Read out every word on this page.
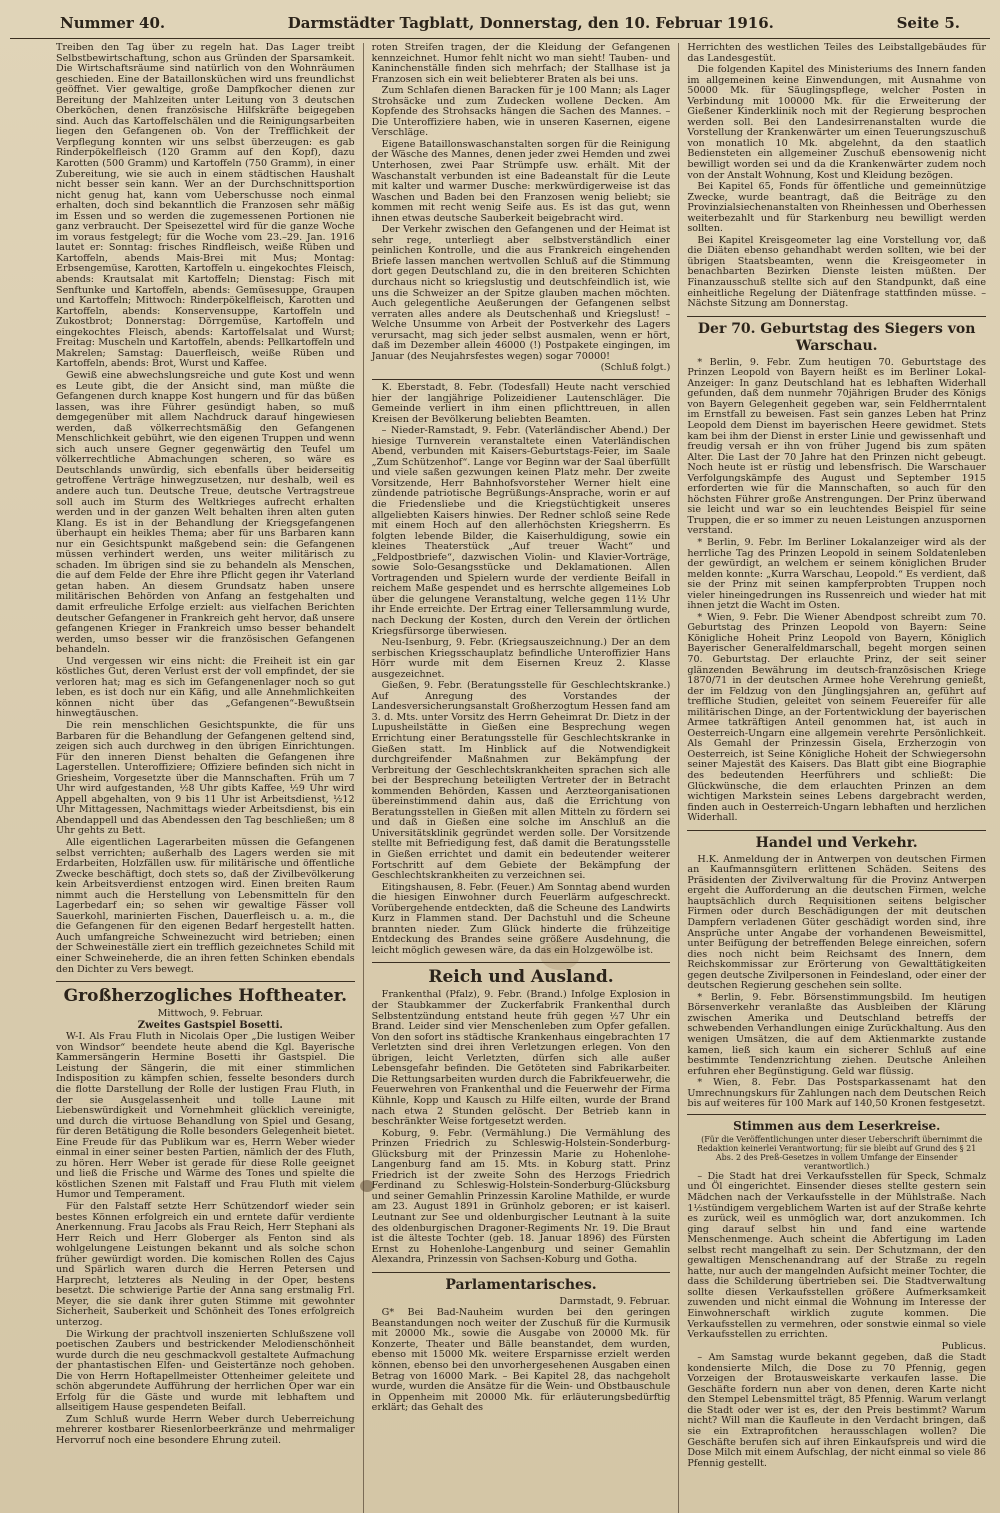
Nummer 40.	Darmstädter Tagblatt, Donnerstag, den 10. Februar 1916.	Seite 5.

Treiben den Tag über zu regeln hat. Das Lager treibt Selbstbewirtschaftung, schon aus Gründen der Sparsamkeit. Die Wirtschaftsräume sind natürlich von den Wohnräumen geschieden. Eine der Bataillonsküchen wird uns freundlichst geöffnet. Vier gewaltige, große Dampfkocher dienen zur Bereitung der Mahlzeiten unter Leitung von 3 deutschen Oberköchen, denen französische Hilfskräfte beigegeben sind. Auch das Kartoffelschälen und die Reinigungsarbeiten liegen den Gefangenen ob. Von der Trefflichkeit der Verpflegung konnten wir uns selbst überzeugen: es gab Rinderpökelfleisch (120 Gramm auf den Kopf), dazu Karotten (500 Gramm) und Kartoffeln (750 Gramm), in einer Zubereitung, wie sie auch in einem städtischen Haushalt nicht besser sein kann. Wer an der Durchschnittsportion nicht genug hat, kann vom Ueberschusse noch einmal erhalten, doch sind bekanntlich die Franzosen sehr mäßig im Essen und so werden die zugemessenen Portionen nie ganz verbraucht. Der Speisezettel wird für die ganze Woche im voraus festgelegt; für die Woche vom 23.–29. Jan. 1916 lautet er: Sonntag: frisches Rindfleisch, weiße Rüben und Kartoffeln, abends Mais-Brei mit Mus; Montag: Erbsengemüse, Karotten, Kartoffeln u. eingekochtes Fleisch, abends: Krautsalat mit Kartoffeln; Dienstag: Fisch mit Senftunke und Kartoffeln, abends: Gemüsesuppe, Graupen und Kartoffeln; Mittwoch: Rinderpökelfleisch, Karotten und Kartoffeln, abends: Konservensuppe, Kartoffeln und Zukostbrot; Donnerstag: Dörrgemüse, Kartoffeln und eingekochtes Fleisch, abends: Kartoffelsalat und Wurst; Freitag: Muscheln und Kartoffeln, abends: Pellkartoffeln und Makrelen; Samstag: Dauerfleisch, weiße Rüben und Kartoffeln, abends: Brot, Wurst und Kaffee.

Gewiß eine abwechslungsreiche und gute Kost und wenn es Leute gibt, die der Ansicht sind, man müßte die Gefangenen durch knappe Kost hungern und für das büßen lassen, was ihre Führer gesündigt haben, so muß demgegenüber mit allem Nachdruck darauf hingewiesen werden, daß völkerrechtsmäßig den Gefangenen Menschlichkeit gebührt, wie den eigenen Truppen und wenn sich auch unsere Gegner gegenwärtig den Teufel um völkerrechtliche Abmachungen scheren, so wäre es Deutschlands unwürdig, sich ebenfalls über beiderseitig getroffene Verträge hinwegzusetzen, nur deshalb, weil es andere auch tun. Deutsche Treue, deutsche Vertragstreue soll auch im Sturm des Weltkrieges aufrecht erhalten werden und in der ganzen Welt behalten ihren alten guten Klang. Es ist in der Behandlung der Kriegsgefangenen überhaupt ein heikles Thema; aber für uns Barbaren kann nur ein Gesichtspunkt maßgebend sein: die Gefangenen müssen verhindert werden, uns weiter militärisch zu schaden. Im übrigen sind sie zu behandeln als Menschen, die auf dem Felde der Ehre ihre Pflicht gegen ihr Vaterland getan haben. An diesem Grundsatz haben unsere militärischen Behörden von Anfang an festgehalten und damit erfreuliche Erfolge erzielt: aus vielfachen Berichten deutscher Gefangener in Frankreich geht hervor, daß unsere gefangenen Krieger in Frankreich umso besser behandelt werden, umso besser wir die französischen Gefangenen behandeln.

Und vergessen wir eins nicht: die Freiheit ist ein gar köstliches Gut, deren Verlust erst der voll empfindet, der sie verloren hat; mag es sich im Gefangenenlager noch so gut leben, es ist doch nur ein Käfig, und alle Annehmlichkeiten können nicht über das „Gefangenen“-Bewußtsein hinwegtäuschen.

Die rein menschlichen Gesichtspunkte, die für uns Barbaren für die Behandlung der Gefangenen geltend sind, zeigen sich auch durchweg in den übrigen Einrichtungen. Für den inneren Dienst behalten die Gefangenen ihre Lagerstellen. Unteroffiziere; Offiziere befinden sich nicht in Griesheim, Vorgesetzte über die Mannschaften. Früh um 7 Uhr wird aufgestanden, ½8 Uhr gibts Kaffee, ½9 Uhr wird Appell abgehalten, von 9 bis 11 Uhr ist Arbeitsdienst, ½12 Uhr Mittagessen, Nachmittags wieder Arbeitsdienst, bis ein Abendappell und das Abendessen den Tag beschließen; um 8 Uhr gehts zu Bett.

Alle eigentlichen Lagerarbeiten müssen die Gefangenen selbst verrichten; außerhalb des Lagers werden sie mit Erdarbeiten, Holzfällen usw. für militärische und öffentliche Zwecke beschäftigt, doch stets so, daß der Zivilbevölkerung kein Arbeitsverdienst entzogen wird. Einen breiten Raum nimmt auch die Herstellung von Lebensmitteln für den Lagerbedarf ein; so sehen wir gewaltige Fässer voll Sauerkohl, marinierten Fischen, Dauerfleisch u. a. m., die die Gefangenen für den eigenen Bedarf hergestellt hatten. Auch umfangreiche Schweinezucht wird betrieben; einen der Schweineställe ziert ein trefflich gezeichnetes Schild mit einer Schweineherde, die an ihren fetten Schinken ebendals den Dichter zu Vers bewegt.

Großherzogliches Hoftheater.

Mittwoch, 9. Februar.

Zweites Gastspiel Bosetti.

W-I. Als Frau Fluth in Nicolais Oper „Die lustigen Weiber von Windsor“ beendete heute abend die Kgl. Bayerische Kammersängerin Hermine Bosetti ihr Gastspiel. Die Leistung der Sängerin, die mit einer stimmlichen Indisposition zu kämpfen schien, fesselte besonders durch die flotte Darstellung der Rolle der lustigen Frau Fluth, in der sie Ausgelassenheit und tolle Laune mit Liebenswürdigkeit und Vornehmheit glücklich vereinigte, und durch die virtuose Behandlung von Spiel und Gesang, für deren Betätigung die Rolle besonders Gelegenheit bietet. Eine Freude für das Publikum war es, Herrn Weber wieder einmal in einer seiner besten Partien, nämlich der des Fluth, zu hören. Herr Weber ist gerade für diese Rolle geeignet und ließ die Frische und Wärme des Tones und spielte die köstlichen Szenen mit Falstaff und Frau Fluth mit vielem Humor und Temperament.

Für den Falstaff setzte Herr Schützendorf wieder sein bestes Können erfolgreich ein und erntete dafür verdiente Anerkennung. Frau Jacobs als Frau Reich, Herr Stephani als Herr Reich und Herr Globerger als Fenton sind als wohlgelungene Leistungen bekannt und als solche schon früher gewürdigt worden. Die komischen Rollen des Cajus und Spärlich waren durch die Herren Petersen und Harprecht, letzteres als Neuling in der Oper, bestens besetzt. Die schwierige Partie der Anna sang erstmalig Frl. Meyer, die sie dank ihrer guten Stimme mit gewohnter Sicherheit, Sauberkeit und Schönheit des Tones erfolgreich unterzog.

Die Wirkung der prachtvoll inszenierten Schlußszene voll poetischen Zaubers und bestrickender Melodienschönheit wurde durch die neu geschmackvoll gestaltete Aufmachung der phantastischen Elfen- und Geistertänze noch gehoben. Die von Herrn Hoftapellmeister Ottenheimer geleitete und schön abgerundete Aufführung der herrlichen Oper war ein Erfolg für die Gäste und wurde mit lebhaftem und allseitigem Hause gespendeten Beifall.

Zum Schluß wurde Herrn Weber durch Ueberreichung mehrerer kostbarer Riesenlorbeerkränze und mehrmaliger Hervorruf noch eine besondere Ehrung zuteil.

roten Streifen tragen, der die Kleidung der Gefangenen kennzeichnet. Humor fehlt nicht wo man sieht! Tauben- und Kaninchenställe finden sich mehrfach; der Stallhase ist ja Franzosen sich ein weit beliebterer Braten als bei uns.

Zum Schlafen dienen Baracken für je 100 Mann; als Lager Strohsäcke und zum Zudecken wollene Decken. Am Kopfende des Strohsacks hängen die Sachen des Mannes. – Die Unteroffiziere haben, wie in unseren Kasernen, eigene Verschläge.

Eigene Bataillonswaschanstalten sorgen für die Reinigung der Wäsche des Mannes, denen jeder zwei Hemden und zwei Unterhosen, zwei Paar Strümpfe usw. erhält. Mit der Waschanstalt verbunden ist eine Badeanstalt für die Leute mit kalter und warmer Dusche: merkwürdigerweise ist das Waschen und Baden bei den Franzosen wenig beliebt; sie kommen mit recht wenig Seife aus. Es ist das gut, wenn ihnen etwas deutsche Sauberkeit beigebracht wird.

Der Verkehr zwischen den Gefangenen und der Heimat ist sehr rege, unterliegt aber selbstverständlich einer peinlichen Kontrolle, und die aus Frankreich eingehenden Briefe lassen manchen wertvollen Schluß auf die Stimmung dort gegen Deutschland zu, die in den breiteren Schichten durchaus nicht so kriegslustig und deutschfeindlich ist, wie uns die Schweizer an der Spitze glauben machen möchten. Auch gelegentliche Aeußerungen der Gefangenen selbst verraten alles andere als Deutschenhaß und Kriegslust! – Welche Unsumme von Arbeit der Postverkehr des Lagers verursacht, mag sich jeder selbst ausmalen, wenn er hört, daß im Dezember allein 46000 (!) Postpakete eingingen, im Januar (des Neujahrsfestes wegen) sogar 70000!

(Schluß folgt.)

K. Eberstadt, 8. Febr. (Todesfall) Heute nacht verschied hier der langjährige Polizeidiener Lautenschläger. Die Gemeinde verliert in ihm einen pflichttreuen, in allen Kreisen der Bevölkerung beliebten Beamten.

– Nieder-Ramstadt, 9. Febr. (Vaterländischer Abend.) Der hiesige Turnverein veranstaltete einen Vaterländischen Abend, verbunden mit Kaisers-Geburtstags-Feier, im Saale „Zum Schützenhof“. Lange vor Beginn war der Saal überfüllt und viele saßen gezwungen keinen Platz mehr. Der zweite Vorsitzende, Herr Bahnhofsvorsteher Werner hielt eine zündende patriotische Begrüßungs-Ansprache, worin er auf die Friedensliebe und die Kriegstüchtigkeit unseres allgeliebten Kaisers hinwies. Der Redner schloß seine Rede mit einem Hoch auf den allerhöchsten Kriegsherrn. Es folgten lebende Bilder, die Kaiserhuldigung, sowie ein kleines Theaterstück „Auf treuer Wacht“ und „Feldpostbriefe“, dazwischen Violin- und Klavier-Vorträge, sowie Solo-Gesangsstücke und Deklamationen. Allen Vortragenden und Spielern wurde der verdiente Beifall in reichem Maße gespendet und es herrschte allgemeines Lob über die gelungene Veranstaltung, welche gegen 11½ Uhr ihr Ende erreichte. Der Ertrag einer Tellersammlung wurde, nach Deckung der Kosten, durch den Verein der örtlichen Kriegsfürsorge überwiesen.

Neu-Isenburg, 9. Febr. (Kriegsauszeichnung.) Der an dem serbischen Kriegsschauplatz befindliche Unteroffizier Hans Hörr wurde mit dem Eisernen Kreuz 2. Klasse ausgezeichnet.

Gießen, 9. Febr. (Beratungsstelle für Geschlechtskranke.) Auf Anregung des Vorstandes der Landesversicherungsanstalt Großherzogtum Hessen fand am 3. d. Mts. unter Vorsitz des Herrn Geheimrat Dr. Dietz in der Lupusheilstätte in Gießen eine Besprechung wegen Errichtung einer Beratungsstelle für Geschlechtskranke in Gießen statt. Im Hinblick auf die Notwendigkeit durchgreifender Maßnahmen zur Bekämpfung der Verbreitung der Geschlechtskrankheiten sprachen sich alle bei der Besprechung beteiligten Vertreter der in Betracht kommenden Behörden, Kassen und Aerzteorganisationen übereinstimmend dahin aus, daß die Errichtung von Beratungsstellen in Gießen mit allen Mitteln zu fördern sei und daß in Gießen eine solche im Anschluß an die Universitätsklinik gegründet werden solle. Der Vorsitzende stellte mit Befriedigung fest, daß damit die Beratungsstelle in Gießen errichtet und damit ein bedeutender weiterer Fortschritt auf dem Gebiete der Bekämpfung der Geschlechtskrankheiten zu verzeichnen sei.

Eitingshausen, 8. Febr. (Feuer.) Am Sonntag abend wurden die hiesigen Einwohner durch Feuerlärm aufgeschreckt. Vorübergehende entdeckten, daß die Scheune des Landwirts Kurz in Flammen stand. Der Dachstuhl und die Scheune brannten nieder. Zum Glück hinderte die frühzeitige Entdeckung des Brandes seine größere Ausdehnung, die leicht möglich gewesen wäre, da das ein Holzgewölbe ist.

Reich und Ausland.

Frankenthal (Pfalz), 9. Febr. (Brand.) Infolge Explosion in der Staubkammer der Zuckerfabrik Frankenthal durch Selbstentzündung entstand heute früh gegen ½7 Uhr ein Brand. Leider sind vier Menschenleben zum Opfer gefallen. Von den sofort ins städtische Krankenhaus eingebrachten 17 Verletzten sind drei ihren Verletzungen erlegen. Von den übrigen, leicht Verletzten, dürfen sich alle außer Lebensgefahr befinden. Die Getöteten sind Fabrikarbeiter. Die Rettungsarbeiten wurden durch die Fabrikfeuerwehr, die Feuerwehren von Frankenthal und die Feuerwehr der Firma Kühnle, Kopp und Kausch zu Hilfe eilten, wurde der Brand nach etwa 2 Stunden gelöscht. Der Betrieb kann in beschränkter Weise fortgesetzt werden.

Koburg, 9. Febr. (Vermählung.) Die Vermählung des Prinzen Friedrich zu Schleswig-Holstein-Sonderburg-Glücksburg mit der Prinzessin Marie zu Hohenlohe-Langenburg fand am 15. Mts. in Koburg statt. Prinz Friedrich ist der zweite Sohn des Herzogs Friedrich Ferdinand zu Schleswig-Holstein-Sonderburg-Glücksburg und seiner Gemahlin Prinzessin Karoline Mathilde, er wurde am 23. August 1891 in Grünholz geboren; er ist kaiserl. Leutnant zur See und oldenburgischer Leutnant à la suite des oldenburgischen Dragoner-Regiments Nr. 19. Die Braut ist die älteste Tochter (geb. 18. Januar 1896) des Fürsten Ernst zu Hohenlohe-Langenburg und seiner Gemahlin Alexandra, Prinzessin von Sachsen-Koburg und Gotha.

Parlamentarisches.

Darmstadt, 9. Februar.

G* Bei Bad-Nauheim wurden bei den geringen Beanstandungen noch weiter der Zuschuß für die Kurmusik mit 20000 Mk., sowie die Ausgabe von 20000 Mk. für Konzerte, Theater und Bälle beanstandet, dem wurden, ebenso mit 15000 Mk. weitere Ersparnisse erzielt werden können, ebenso bei den unvorhergesehenen Ausgaben einen Betrag von 16000 Mark. – Bei Kapitel 28, das nachgeholt wurde, wurden die Ansätze für die Wein- und Obstbauschule in Oppenheim mit 20000 Mk. für erläuterungsbedürftig erklärt; das Gehalt des

Herrichten des westlichen Teiles des Leibstallgebäudes für das Landesgestüt.

Die folgenden Kapitel des Ministeriums des Innern fanden im allgemeinen keine Einwendungen, mit Ausnahme von 50000 Mk. für Säuglingspflege, welcher Posten in Verbindung mit 100000 Mk. für die Erweiterung der Gießener Kinderklinik noch mit der Regierung besprochen werden soll. Bei den Landesirrenanstalten wurde die Vorstellung der Krankenwärter um einen Teuerungszuschuß von monatlich 10 Mk. abgelehnt, da den staatlich Bediensteten ein allgemeiner Zuschuß ebensowenig nicht bewilligt worden sei und da die Krankenwärter zudem noch von der Anstalt Wohnung, Kost und Kleidung bezögen.

Bei Kapitel 65, Fonds für öffentliche und gemeinnützige Zwecke, wurde beantragt, daß die Beiträge zu den Provinzialsiechenanstalten von Rheinhessen und Oberhessen weiterbezahlt und für Starkenburg neu bewilligt werden sollten.

Bei Kapitel Kreisgeometer lag eine Vorstellung vor, daß die Diäten ebenso gehandhabt werden sollten, wie bei der übrigen Staatsbeamten, wenn die Kreisgeometer in benachbarten Bezirken Dienste leisten müßten. Der Finanzausschuß stellte sich auf den Standpunkt, daß eine einheitliche Regelung der Diätenfrage stattfinden müsse. – Nächste Sitzung am Donnerstag.

Der 70. Geburtstag des Siegers von Warschau.

* Berlin, 9. Febr. Zum heutigen 70. Geburtstage des Prinzen Leopold von Bayern heißt es im Berliner Lokal-Anzeiger: In ganz Deutschland hat es lebhaften Widerhall gefunden, daß dem nunmehr 70jährigen Bruder des Königs von Bayern Gelegenheit gegeben war, sein Feldherrntalent im Ernstfall zu beweisen. Fast sein ganzes Leben hat Prinz Leopold dem Dienst im bayerischen Heere gewidmet. Stets kam bei ihm der Dienst in erster Linie und gewissenhaft und freudig versah er ihn von früher Jugend bis zum späten Alter. Die Last der 70 Jahre hat den Prinzen nicht gebeugt. Noch heute ist er rüstig und lebensfrisch. Die Warschauer Verfolgungskämpfe des August und September 1915 erforderten wie für die Mannschaften, so auch für den höchsten Führer große Anstrengungen. Der Prinz überwand sie leicht und war so ein leuchtendes Beispiel für seine Truppen, die er so immer zu neuen Leistungen anzuspornen verstand.

* Berlin, 9. Febr. Im Berliner Lokalanzeiger wird als der herrliche Tag des Prinzen Leopold in seinem Soldatenleben der gewürdigt, an welchem er seinem königlichen Bruder melden konnte: „Kurra Warschau, Leopold.“ Es verdient, daß sie der Prinz mit seinen kampferprobten Truppen noch vieler hineingedrungen ins Russenreich und wieder hat mit ihnen jetzt die Wacht im Osten.

* Wien, 9. Febr. Die Wiener Abendpost schreibt zum 70. Geburtstag des Prinzen Leopold von Bayern: Seine Königliche Hoheit Prinz Leopold von Bayern, Königlich Bayerischer Generalfeldmarschall, begeht morgen seinen 70. Geburtstag. Der erlauchte Prinz, der seit seiner glänzenden Bewährung im deutsch-französischen Kriege 1870/71 in der deutschen Armee hohe Verehrung genießt, der im Feldzug von den Jünglingsjahren an, geführt auf treffliche Studien, geleitet von seinem Feuereifer für alle militärischen Dinge, an der Fortentwicklung der bayerischen Armee tatkräftigen Anteil genommen hat, ist auch in Oesterreich-Ungarn eine allgemein verehrte Persönlichkeit. Als Gemahl der Prinzessin Gisela, Erzherzogin von Oesterreich, ist Seine Königliche Hoheit der Schwiegersohn seiner Majestät des Kaisers. Das Blatt gibt eine Biographie des bedeutenden Heerführers und schließt: Die Glückwünsche, die dem erlauchten Prinzen an dem wichtigen Markstein seines Lebens dargebracht werden, finden auch in Oesterreich-Ungarn lebhaften und herzlichen Widerhall.

Handel und Verkehr.

H.K. Anmeldung der in Antwerpen von deutschen Firmen an Kaufmannsgütern erlittenen Schäden. Seitens des Präsidenten der Zivilverwaltung für die Provinz Antwerpen ergeht die Aufforderung an die deutschen Firmen, welche hauptsächlich durch Requisitionen seitens belgischer Firmen oder durch Beschädigungen der mit deutschen Dampfern verladenen Güter geschädigt worden sind, ihre Ansprüche unter Angabe der vorhandenen Beweismittel, unter Beifügung der betreffenden Belege einreichen, sofern dies noch nicht beim Reichsamt des Innern, dem Reichskommissar zur Erörterung von Gewalttätigkeiten gegen deutsche Zivilpersonen in Feindesland, oder einer der deutschen Regierung geschehen sein sollte.

* Berlin, 9. Febr. Börsenstimmungsbild. Im heutigen Börsenverkehr veranlaßte das Ausbleiben der Klärung zwischen Amerika und Deutschland betreffs der schwebenden Verhandlungen einige Zurückhaltung. Aus den wenigen Umsätzen, die auf dem Aktienmarkte zustande kamen, ließ sich kaum ein sicherer Schluß auf eine bestimmte Tendenzrichtung ziehen. Deutsche Anleihen erfuhren eher Begünstigung. Geld war flüssig.

* Wien, 8. Febr. Das Postsparkassenamt hat den Umrechnungskurs für Zahlungen nach dem Deutschen Reich bis auf weiteres für 100 Mark auf 140,50 Kronen festgesetzt.

Stimmen aus dem Leserkreise.

(Für die Veröffentlichungen unter dieser Ueberschrift übernimmt die Redaktion keinerlei Verantwortung; für sie bleibt auf Grund des § 21 Abs. 2 des Preß-Gesetzes in vollem Umfange der Einsender verantwortlich.)

– Die Stadt hat drei Verkaufsstellen für Speck, Schmalz und Öl eingerichtet. Einsender dieses stellte gestern sein Mädchen nach der Verkaufsstelle in der Mühlstraße. Nach 1½stündigem vergeblichem Warten ist auf der Straße kehrte es zurück, weil es unmöglich war, dort anzukommen. Ich ging darauf selbst hin und fand eine wartende Menschenmenge. Auch scheint die Abfertigung im Laden selbst recht mangelhaft zu sein. Der Schutzmann, der den gewaltigen Menschenandrang auf der Straße zu regeln hatte, nur auch der mangelnden Aufsicht meiner Tochter, die dass die Schilderung übertrieben sei. Die Stadtverwaltung sollte diesen Verkaufsstellen größere Aufmerksamkeit zuwenden und nicht einmal die Wohnung im Interesse der Einwohnerschaft wirklich zugute kommen. Die Verkaufsstellen zu vermehren, oder sonstwie einmal so viele Verkaufsstellen zu errichten.

Publicus.

– Am Samstag wurde bekannt gegeben, daß die Stadt kondensierte Milch, die Dose zu 70 Pfennig, gegen Vorzeigen der Brotausweiskarte verkaufen lasse. Die Geschäfte fordern nun aber von denen, deren Karte nicht den Stempel Lebensmittel trägt, 85 Pfennig. Warum verlangt die Stadt oder wer ist es, der den Preis bestimmt? Warum nicht? Will man die Kaufleute in den Verdacht bringen, daß sie ein Extraprofitchen herausschlagen wollen? Die Geschäfte berufen sich auf ihren Einkaufspreis und wird die Dose Milch mit einem Aufschlag, der nicht einmal so viele 86 Pfennig gestellt.
